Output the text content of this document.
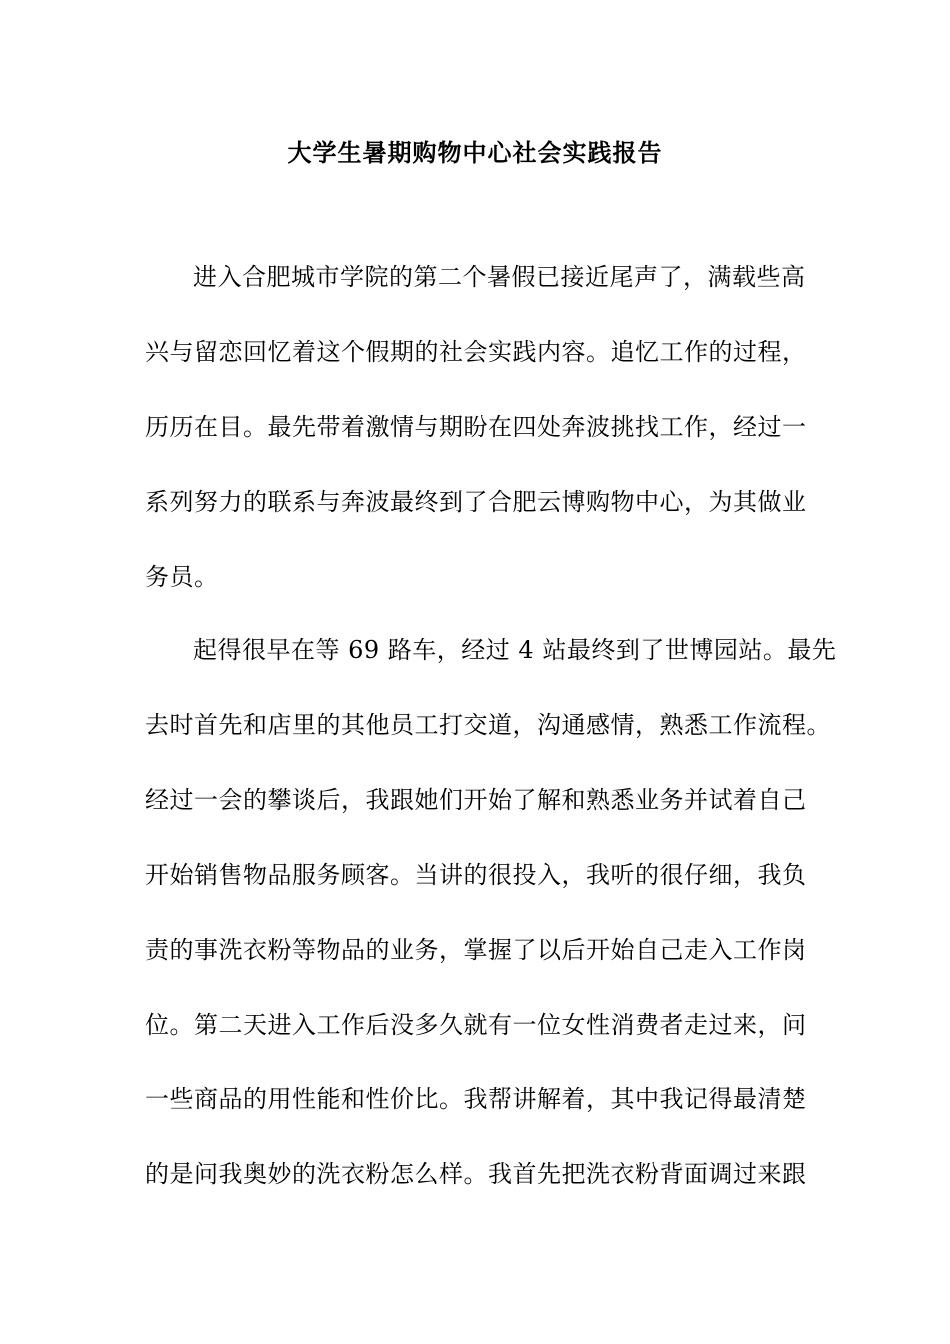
大学生暑期购物中心社会实践报告
进入合肥城市学院的第二个暑假已接近尾声了，满载些高
兴与留恋回忆着这个假期的社会实践内容。追忆工作的过程，
历历在目。最先带着激情与期盼在四处奔波挑找工作，经过一
系列努力的联系与奔波最终到了合肥云博购物中心，为其做业
务员。
起得很早在等 69 路车，经过 4 站最终到了世博园站。最先
去时首先和店里的其他员工打交道，沟通感情，熟悉工作流程。
经过一会的攀谈后，我跟她们开始了解和熟悉业务并试着自己
开始销售物品服务顾客。当讲的很投入，我听的很仔细，我负
责的事洗衣粉等物品的业务，掌握了以后开始自己走入工作岗
位。第二天进入工作后没多久就有一位女性消费者走过来，问
一些商品的用性能和性价比。我帮讲解着，其中我记得最清楚
的是问我奥妙的洗衣粉怎么样。我首先把洗衣粉背面调过来跟
